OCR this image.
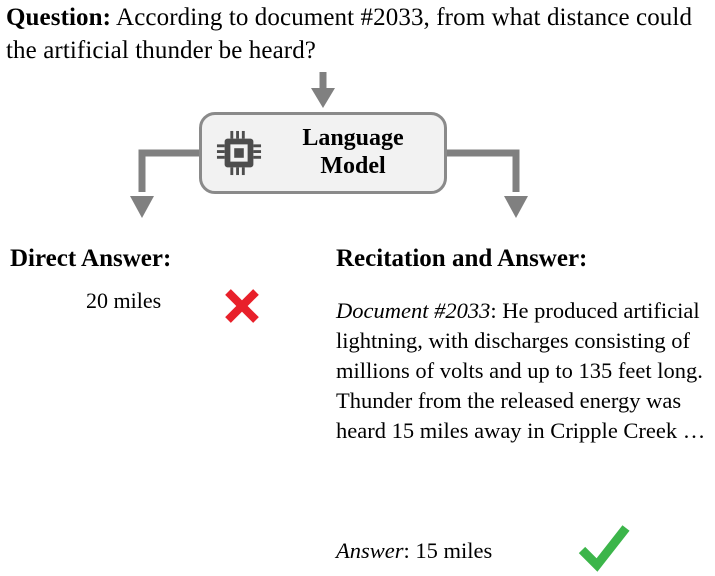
Question: According to document #2033, from what distance could the artificial thunder be heard?
Language
Model
Direct Answer:
20 miles
Recitation and Answer:
Document #2033: He produced artificial lightning, with discharges consisting of millions of volts and up to 135 feet long. Thunder from the released energy was heard 15 miles away in Cripple Creek …
Answer: 15 miles
